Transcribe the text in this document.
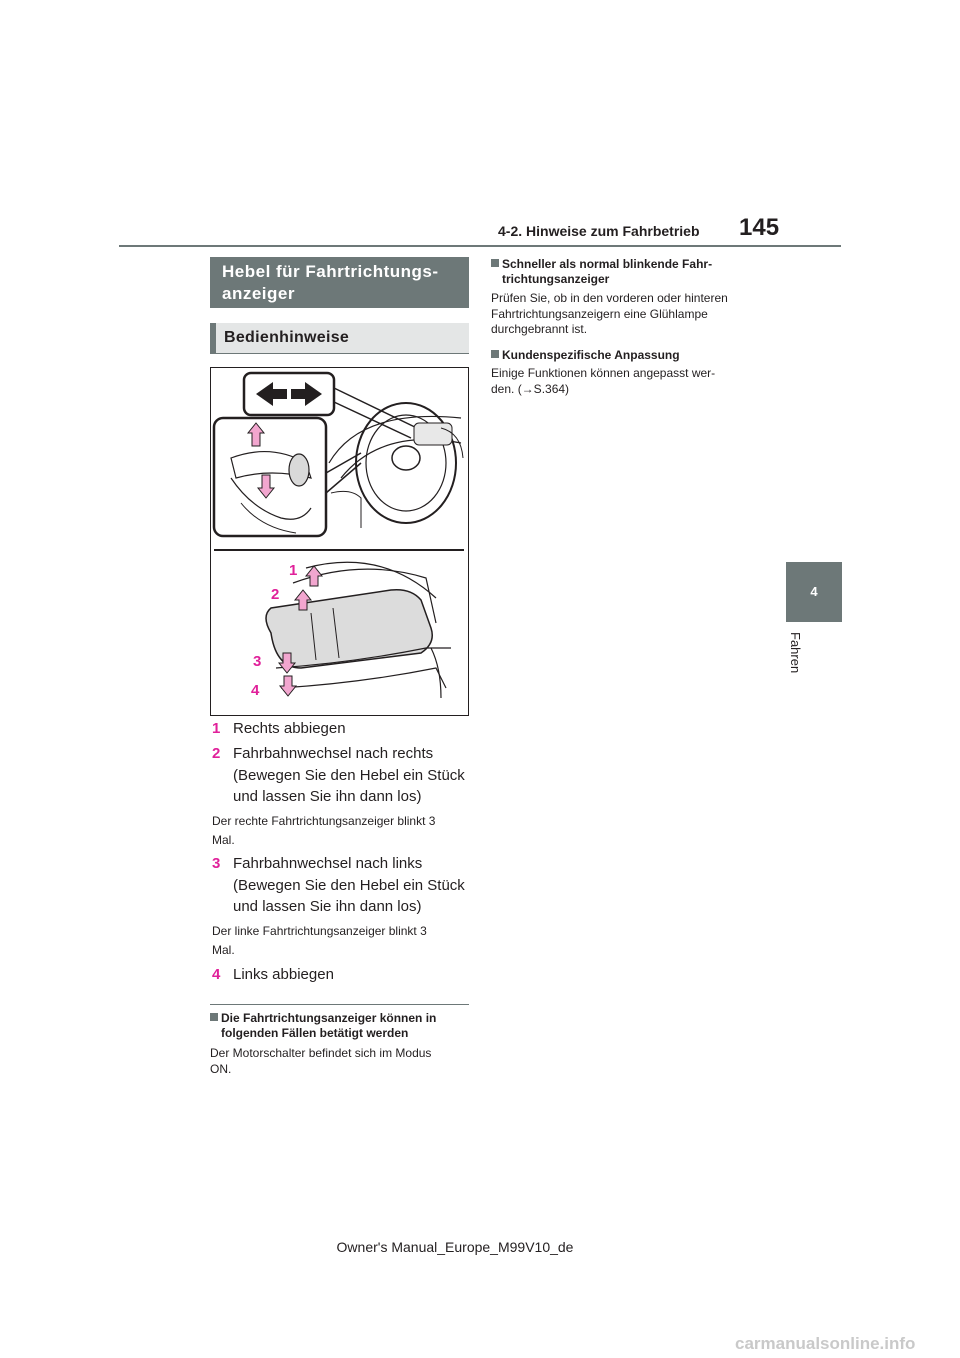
4-2. Hinweise zum Fahrbetrieb 145
4
Fahren
Hebel für Fahrtrichtungs-
anzeiger
Bedienhinweise
1
2
3
4
1 Rechts abbiegen
2 Fahrbahnwechsel nach rechts
(Bewegen Sie den Hebel ein Stück
und lassen Sie ihn dann los)
Der rechte Fahrtrichtungsanzeiger blinkt 3
Mal.
3 Fahrbahnwechsel nach links
(Bewegen Sie den Hebel ein Stück
und lassen Sie ihn dann los)
Der linke Fahrtrichtungsanzeiger blinkt 3
Mal.
4 Links abbiegen
Die Fahrtrichtungsanzeiger können in
folgenden Fällen betätigt werden
Der Motorschalter befindet sich im Modus
ON.
Schneller als normal blinkende Fahr-
trichtungsanzeiger
Prüfen Sie, ob in den vorderen oder hinteren
Fahrtrichtungsanzeigern eine Glühlampe
durchgebrannt ist.
Kundenspezifische Anpassung
Einige Funktionen können angepasst wer-
den. (→S.364)
Owner's Manual_Europe_M99V10_de
carmanualsonline.info
